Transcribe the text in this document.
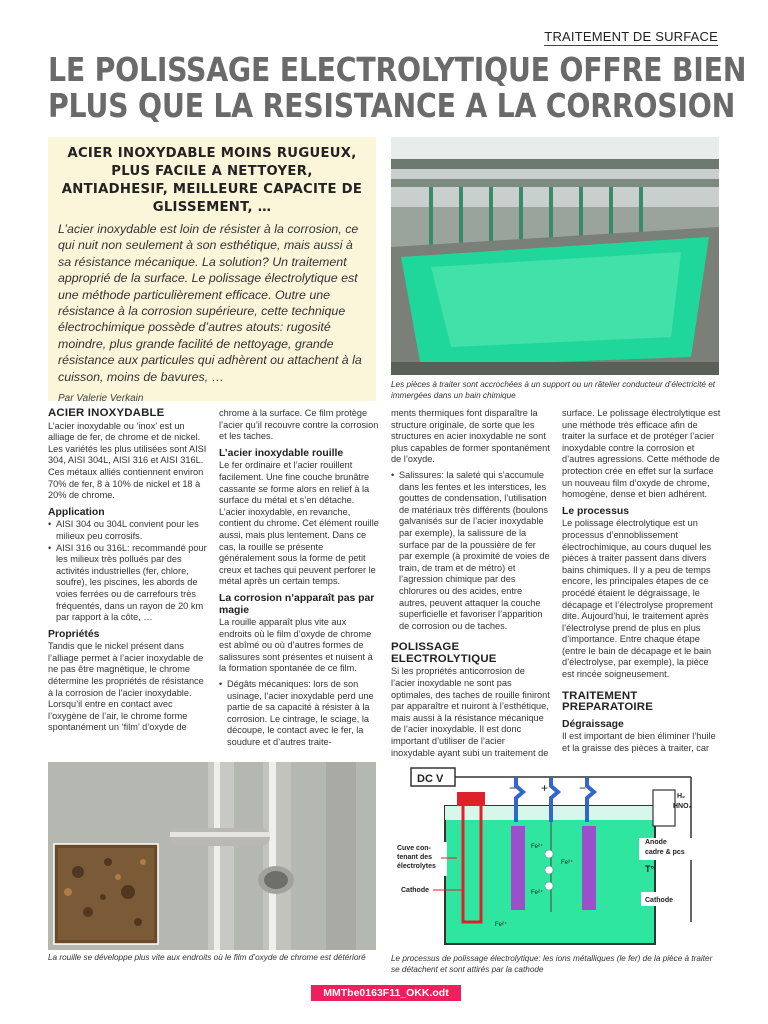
TRAITEMENT DE SURFACE
LE POLISSAGE ELECTROLYTIQUE OFFRE BIEN
PLUS QUE LA RESISTANCE A LA CORROSION
ACIER INOXYDABLE MOINS RUGUEUX, PLUS FACILE A NETTOYER, ANTIADHESIF, MEILLEURE CAPACITE DE GLISSEMENT, …
L’acier inoxydable est loin de résister à la corrosion, ce qui nuit non seulement à son esthétique, mais aussi à sa résistance mécanique. La solution? Un traitement approprié de la surface. Le polissage électrolytique est une méthode particulièrement efficace. Outre une résistance à la corrosion supérieure, cette technique électrochimique possède d’autres atouts: rugosité moindre, plus grande facilité de nettoyage, grande résistance aux particules qui adhèrent ou attachent à la cuisson, moins de bavures, …
Par Valerie Verkain
Les pièces à traiter sont accrochées à un support ou un râtelier conducteur d’électricité et immergées dans un bain chimique
ACIER INOXYDABLE

L’acier inoxydable ou ‘inox’ est un alliage de fer, de chrome et de nickel. Les variétés les plus utilisées sont AISI 304, AISI 304L, AISI 316 et AISI 316L. Ces métaux alliés contiennent environ 70% de fer, 8 à 10% de nickel et 18 à 20% de chrome.

Application
• AISI 304 ou 304L convient pour les milieux peu corrosifs.
• AISI 316 ou 316L: recommandé pour les milieux très pollués par des activités industrielles (fer, chlore, soufre), les piscines, les abords de voies ferrées ou de carrefours très fréquentés, dans un rayon de 20 km par rapport à la côte, …
Propriétés

Tandis que le nickel présent dans l’alliage permet à l’acier inoxydable de ne pas être magnétique, le chrome détermine les propriétés de résistance à la corrosion de l’acier inoxydable. Lorsqu’il entre en contact avec l’oxygène de l’air, le chrome forme spontanément un ‘film’ d’oxyde de

chrome à la surface. Ce film protège l’acier qu’il recouvre contre la corrosion et les taches.

L’acier inoxydable rouille

Le fer ordinaire et l’acier rouillent facilement. Une fine couche brunâtre cassante se forme alors en relief à la surface du métal et s’en détache. L’acier inoxydable, en revanche, contient du chrome. Cet élément rouille aussi, mais plus lentement. Dans ce cas, la rouille se présente généralement sous la forme de petit creux et taches qui peuvent perforer le métal après un certain temps.

La corrosion n’apparaît pas par magie

La rouille apparaît plus vite aux endroits où le film d’oxyde de chrome est abîmé ou où d’autres formes de salissures sont présentes et nuisent à la formation spontanée de ce film.

• Dégâts mécaniques: lors de son usinage, l’acier inoxydable perd une partie de sa capacité à résister à la corrosion. Le cintrage, le sciage, la découpe, le contact avec le fer, la soudure et d’autres traite-

ments thermiques font disparaître la structure originale, de sorte que les structures en acier inoxydable ne sont plus capables de former spontanément de l’oxyde.

• Salissures: la saleté qui s’accumule dans les fentes et les interstices, les gouttes de condensation, l’utilisation de matériaux très différents (boulons galvanisés sur de l’acier inoxydable par exemple), la salissure de la surface par de la poussière de fer par exemple (à proximité de voies de train, de tram et de métro) et l’agression chimique par des chlorures ou des acides, entre autres, peuvent attaquer la couche superficielle et favoriser l’apparition de corrosion ou de taches.
POLISSAGE ELECTROLYTIQUE

Si les propriétés anticorrosion de l’acier inoxydable ne sont pas optimales, des taches de rouille finiront par apparaître et nuiront à l’esthétique, mais aussi à la résistance mécanique de l’acier inoxydable. Il est donc important d’utiliser de l’acier inoxydable ayant subi un traitement de

surface. Le polissage électrolytique est une méthode très efficace afin de traiter la surface et de protéger l’acier inoxydable contre la corrosion et d’autres agressions. Cette méthode de protection crée en effet sur la surface un nouveau film d’oxyde de chrome, homogène, dense et bien adhérent.

Le processus

Le polissage électrolytique est un processus d’ennoblissement électrochimique, au cours duquel les pièces à traiter passent dans divers bains chimiques. Il y a peu de temps encore, les principales étapes de ce procédé étaient le dégraissage, le décapage et l’électrolyse proprement dite. Aujourd’hui, le traitement après l’électrolyse prend de plus en plus d’importance. Entre chaque étape (entre le bain de décapage et le bain d’électrolyse, par exemple), la pièce est rincée soigneusement.

TRAITEMENT PREPARATOIRE
Dégraissage

Il est important de bien éliminer l’huile et la graisse des pièces à traiter, car

La rouille se développe plus vite aux endroits où le film d’oxyde de chrome est détérioré
DC V
− +	−
Fe²⁺
Fe²⁺
Fe²⁺
Fe²⁺
H₂
HNO₃
Cuve con-
tenant des
électrolytes
Cathode
Anode
cadre & pcs
T°
Cathode
Le processus de polissage électrolytique: les ions métalliques (le fer) de la pièce à traiter se détachent et sont attirés par la cathode
MMTbe0163F11_OKK.odt
